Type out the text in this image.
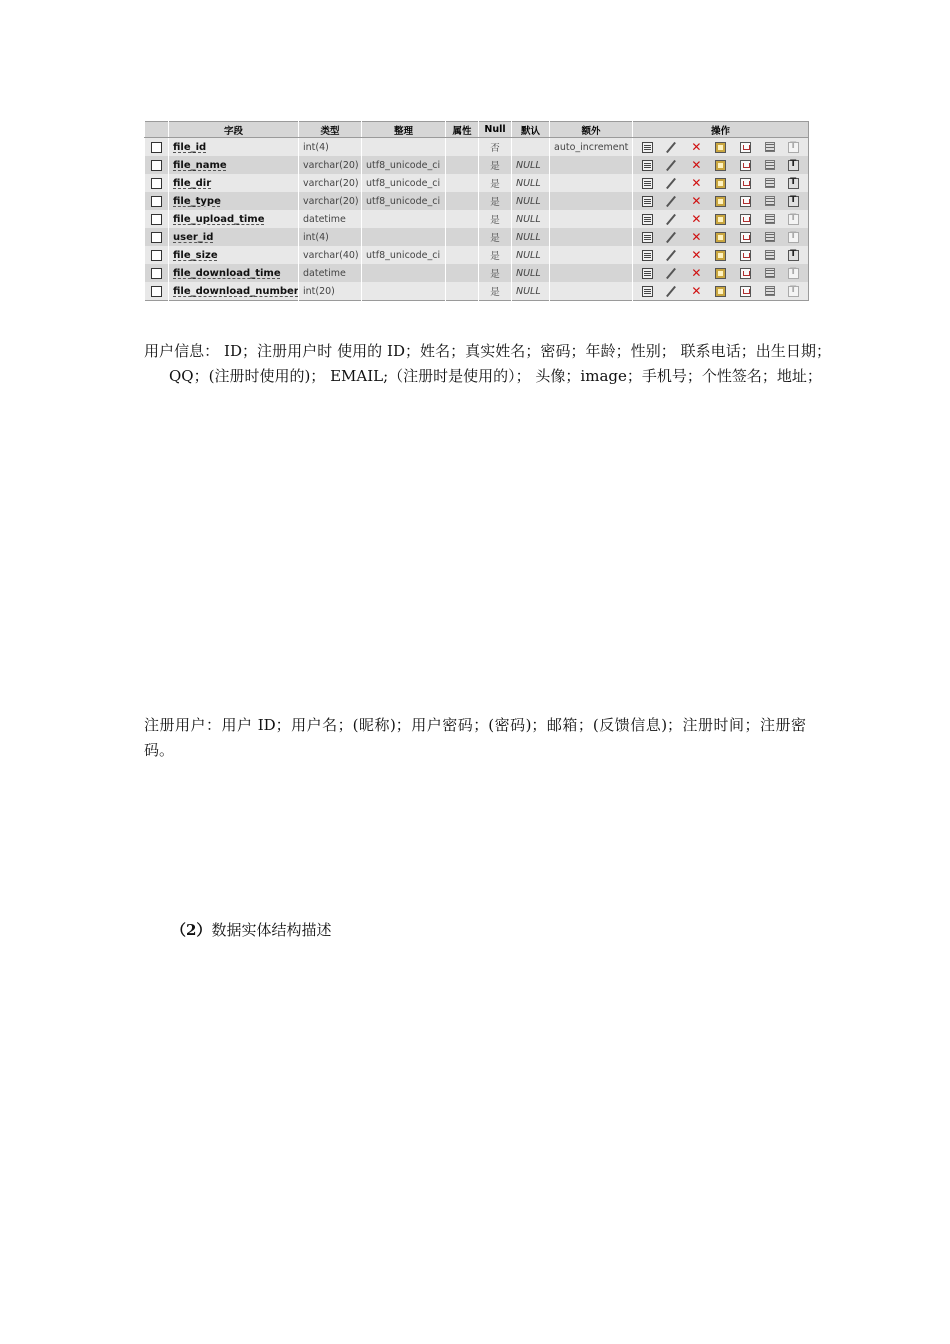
	字段	类型	整理	属性	Null	默认	额外	操作
	file_id	int(4)			否		auto_increment	✕
T

	file_name	varchar(20)	utf8_unicode_ci		是	NULL		✕
T

	file_dir	varchar(20)	utf8_unicode_ci		是	NULL		✕
T

	file_type	varchar(20)	utf8_unicode_ci		是	NULL		✕
T

	file_upload_time	datetime			是	NULL		✕
T

	user_id	int(4)			是	NULL		✕
T

	file_size	varchar(40)	utf8_unicode_ci		是	NULL		✕
T

	file_download_time	datetime			是	NULL		✕
T

	file_download_number	int(20)			是	NULL		✕
T

用户信息： ID；注册用户时 使用的 ID；姓名；真实姓名；密码；年龄；性别； 联系电话；出生日期；QQ；(注册时使用的)； EMAIL;（注册时是使用的）； 头像；image；手机号；个性签名；地址；

注册用户：用户 ID；用户名；(昵称)；用户密码；(密码)；邮箱；(反馈信息)；注册时间；注册密码。

（2）数据实体结构描述
